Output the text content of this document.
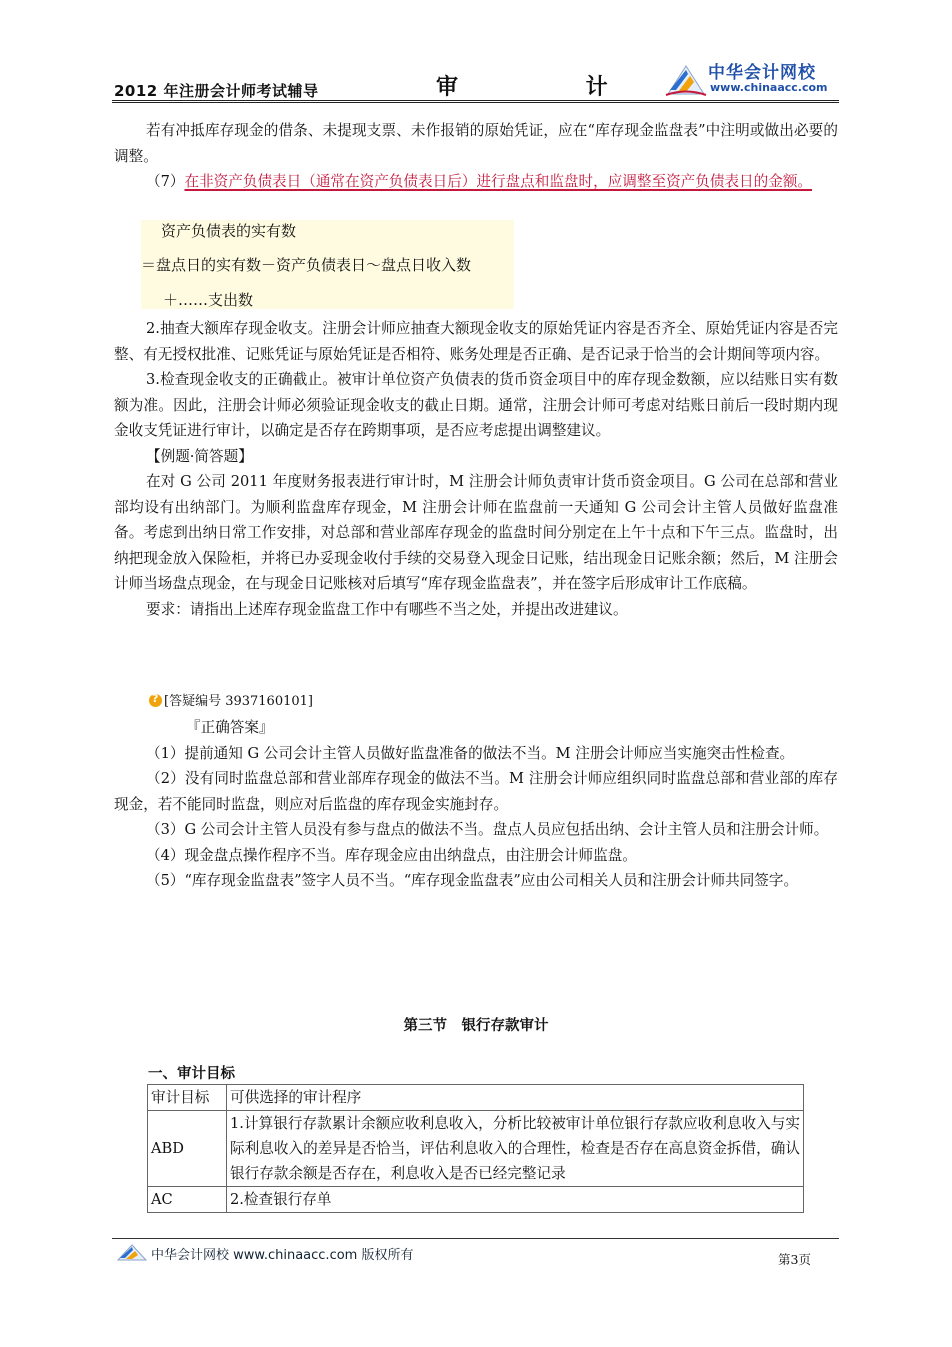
2012 年注册会计师考试辅导	审 计
中华会计网校
www.chinaacc.com

若有冲抵库存现金的借条、未提现支票、未作报销的原始凭证，应在“库存现金监盘表”中注明或做出必要的调整。

（7）在非资产负债表日（通常在资产负债表日后）进行盘点和监盘时，应调整至资产负债表日的金额。

资产负债表的实有数
＝盘点日的实有数－资产负债表日～盘点日收入数
＋……支出数

2.抽查大额库存现金收支。注册会计师应抽查大额现金收支的原始凭证内容是否齐全、原始凭证内容是否完整、有无授权批准、记账凭证与原始凭证是否相符、账务处理是否正确、是否记录于恰当的会计期间等项内容。

3.检查现金收支的正确截止。被审计单位资产负债表的货币资金项目中的库存现金数额，应以结账日实有数额为准。因此，注册会计师必须验证现金收支的截止日期。通常，注册会计师可考虑对结账日前后一段时期内现金收支凭证进行审计，以确定是否存在跨期事项，是否应考虑提出调整建议。

【例题·简答题】

在对 G 公司 2011 年度财务报表进行审计时，M 注册会计师负责审计货币资金项目。G 公司在总部和营业部均设有出纳部门。为顺利监盘库存现金，M 注册会计师在监盘前一天通知 G 公司会计主管人员做好监盘准备。考虑到出纳日常工作安排，对总部和营业部库存现金的监盘时间分别定在上午十点和下午三点。监盘时，出纳把现金放入保险柜，并将已办妥现金收付手续的交易登入现金日记账，结出现金日记账余额；然后，M 注册会计师当场盘点现金，在与现金日记账核对后填写“库存现金监盘表”，并在签字后形成审计工作底稿。

要求：请指出上述库存现金监盘工作中有哪些不当之处，并提出改进建议。

?[答疑编号 3937160101]

『正确答案』

（1）提前通知 G 公司会计主管人员做好监盘准备的做法不当。M 注册会计师应当实施突击性检查。

（2）没有同时监盘总部和营业部库存现金的做法不当。M 注册会计师应组织同时监盘总部和营业部的库存现金，若不能同时监盘，则应对后监盘的库存现金实施封存。

（3）G 公司会计主管人员没有参与盘点的做法不当。盘点人员应包括出纳、会计主管人员和注册会计师。

（4）现金盘点操作程序不当。库存现金应由出纳盘点，由注册会计师监盘。

（5）“库存现金监盘表”签字人员不当。“库存现金监盘表”应由公司相关人员和注册会计师共同签字。

第三节　银行存款审计
一、审计目标
审计目标	可供选择的审计程序
ABD	1.计算银行存款累计余额应收利息收入，分析比较被审计单位银行存款应收利息收入与实际利息收入的差异是否恰当，评估利息收入的合理性，检查是否存在高息资金拆借，确认银行存款余额是否存在，利息收入是否已经完整记录
AC	2.检查银行存单
中华会计网校 www.chinaacc.com 版权所有	第3页
